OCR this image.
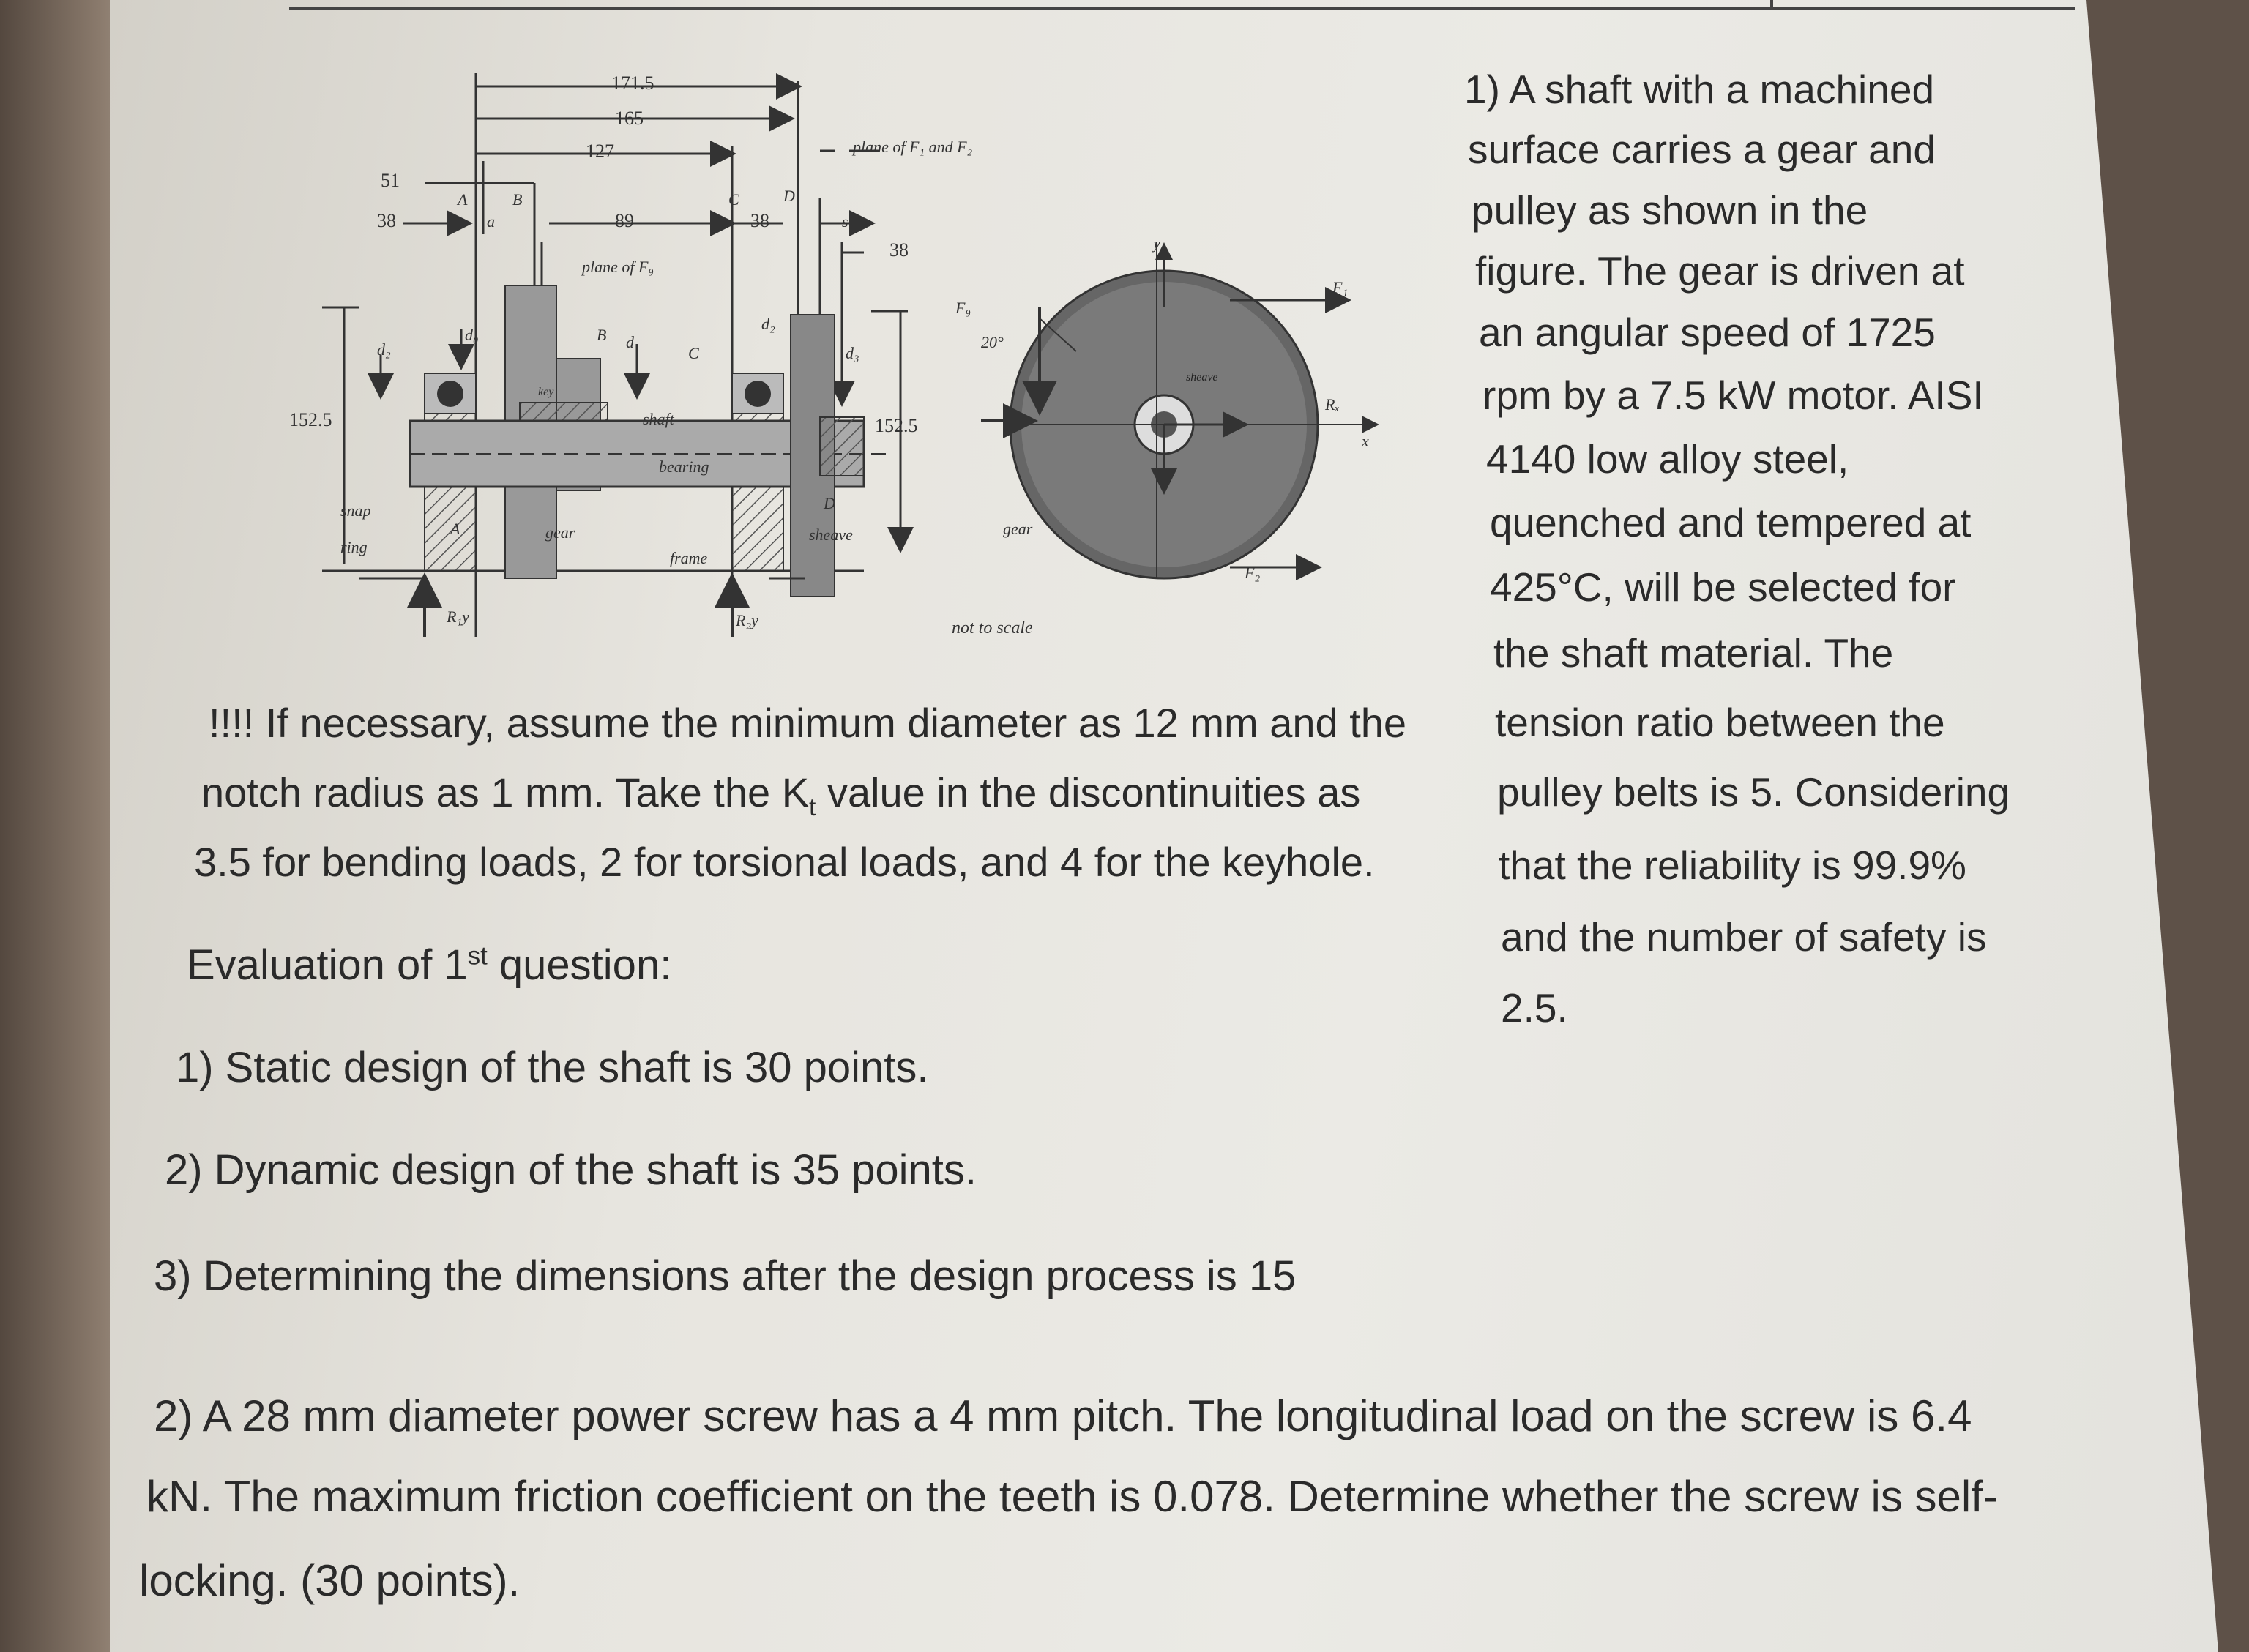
171.5
165
127
51
38	89	38
38
152.5	152.5
plane of F₁ and F₂
plane of F₉
A	B	C	D
a	s
d₂
d₀	d₁
d₂
d₃
B
C
D
A
key
shaft
bearing
snap
ring
gear
frame
sheave
R₁y	R₂y
F₉
20°
y
x
F₁
F₂
Rₓ
sheave
gear
not to scale
1) A shaft with a machined
surface carries a gear and
pulley as shown in the
figure. The gear is driven at
an angular speed of 1725
rpm by a 7.5 kW motor. AISI
4140 low alloy steel,
quenched and tempered at
425°C, will be selected for
the shaft material. The
tension ratio between the
pulley belts is 5. Considering
that the reliability is 99.9%
and the number of safety is
2.5.

!!!! If necessary, assume the minimum diameter as 12 mm and the

notch radius as 1 mm. Take the $K_t$ value in the discontinuities as

3.5 for bending loads, 2 for torsional loads, and 4 for the keyhole.

Evaluation of 1st question:

1) Static design of the shaft is 30 points.

2) Dynamic design of the shaft is 35 points.

3) Determining the dimensions after the design process is 15

2) A 28 mm diameter power screw has a 4 mm pitch. The longitudinal load on the screw is 6.4

kN. The maximum friction coefficient on the teeth is 0.078. Determine whether the screw is self-

locking. (30 points).
